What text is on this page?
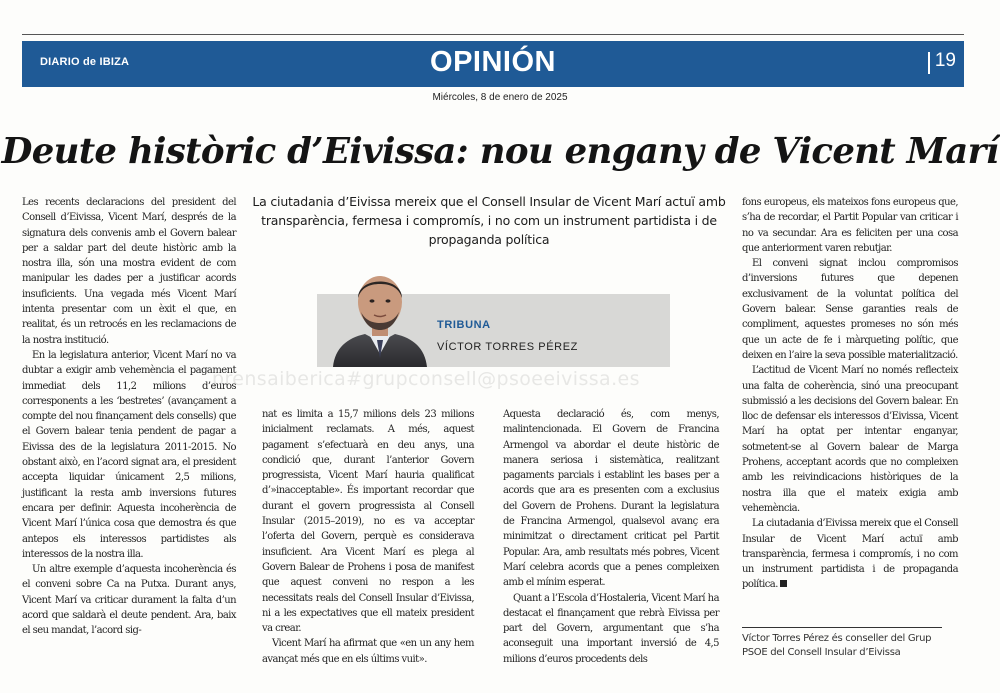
DIARIO de IBIZA	OPINIÓN	19
Miércoles, 8 de enero de 2025
Deute històric d’Eivissa: nou engany de Vicent Marí
La ciutadania d’Eivissa mereix que el Consell Insular de Vicent Marí actuï amb transparència, fermesa i compromís, i no com un instrument partidista i de propaganda política
TRIBUNA
VÍCTOR TORRES PÉREZ
prensaiberica#grupconsell@psoeeivissa.es

Les recents declaracions del president del Consell d’Eivissa, Vicent Marí, després de la signatura dels convenis amb el Govern balear per a saldar part del deute històric amb la nostra illa, són una mostra evident de com manipular les dades per a justificar acords insuficients. Una vegada més Vicent Marí intenta presentar com un èxit el que, en realitat, és un retrocés en les reclamacions de la nostra institució.

En la legislatura anterior, Vicent Marí no va dubtar a exigir amb vehemència el pagament immediat dels 11,2 milions d’euros corresponents a les ‘bestretes’ (avançament a compte del nou finançament dels consells) que el Govern balear tenia pendent de pagar a Eivissa des de la legislatura 2011-2015. No obstant això, en l’acord signat ara, el president accepta liquidar únicament 2,5 milions, justificant la resta amb inversions futures encara per definir. Aquesta incoherència de Vicent Marí l’única cosa que demostra és que antepos els interessos partidistes als interessos de la nostra illa.

Un altre exemple d’aquesta incoherència és el conveni sobre Ca na Putxa. Durant anys, Vicent Marí va criticar durament la falta d’un acord que saldarà el deute pendent. Ara, baix el seu mandat, l’acord sig-

nat es limita a 15,7 milions dels 23 milions inicialment reclamats. A més, aquest pagament s’efectuarà en deu anys, una condició que, durant l’anterior Govern progressista, Vicent Marí hauria qualificat d’»inacceptable». És important recordar que durant el govern progressista al Consell Insular (2015–2019), no es va acceptar l’oferta del Govern, perquè es considerava insuficient. Ara Vicent Marí es plega al Govern Balear de Prohens i posa de manifest que aquest conveni no respon a les necessitats reals del Consell Insular d’Eivissa, ni a les expectatives que ell mateix president va crear.

Vicent Marí ha afirmat que «en un any hem avançat més que en els últims vuit».

Aquesta declaració és, com menys, malintencionada. El Govern de Francina Armengol va abordar el deute històric de manera seriosa i sistemàtica, realitzant pagaments parcials i establint les bases per a acords que ara es presenten com a exclusius del Govern de Prohens. Durant la legislatura de Francina Armengol, qualsevol avanç era minimitzat o directament criticat pel Partit Popular. Ara, amb resultats més pobres, Vicent Marí celebra acords que a penes compleixen amb el mínim esperat.

Quant a l’Escola d’Hostaleria, Vicent Marí ha destacat el finançament que rebrà Eivissa per part del Govern, argumentant que s’ha aconseguit una important inversió de 4,5 milions d’euros procedents dels

fons europeus, els mateixos fons europeus que, s’ha de recordar, el Partit Popular van criticar i no va secundar. Ara es feliciten per una cosa que anteriorment varen rebutjar.

El conveni signat inclou compromisos d’inversions futures que depenen exclusivament de la voluntat política del Govern balear. Sense garanties reals de compliment, aquestes promeses no són més que un acte de fe i màrqueting polític, que deixen en l’aire la seva possible materialització.

L’actitud de Vicent Marí no només reflecteix una falta de coherència, sinó una preocupant submissió a les decisions del Govern balear. En lloc de defensar els interessos d’Eivissa, Vicent Marí ha optat per intentar enganyar, sotmetent-se al Govern balear de Marga Prohens, acceptant acords que no compleixen amb les reivindicacions històriques de la nostra illa que el mateix exigia amb vehemència.

La ciutadania d’Eivissa mereix que el Consell Insular de Vicent Marí actuï amb transparència, fermesa i compromís, i no com un instrument partidista i de propaganda política.

Víctor Torres Pérez és conseller del Grup PSOE del Consell Insular d’Eivissa
